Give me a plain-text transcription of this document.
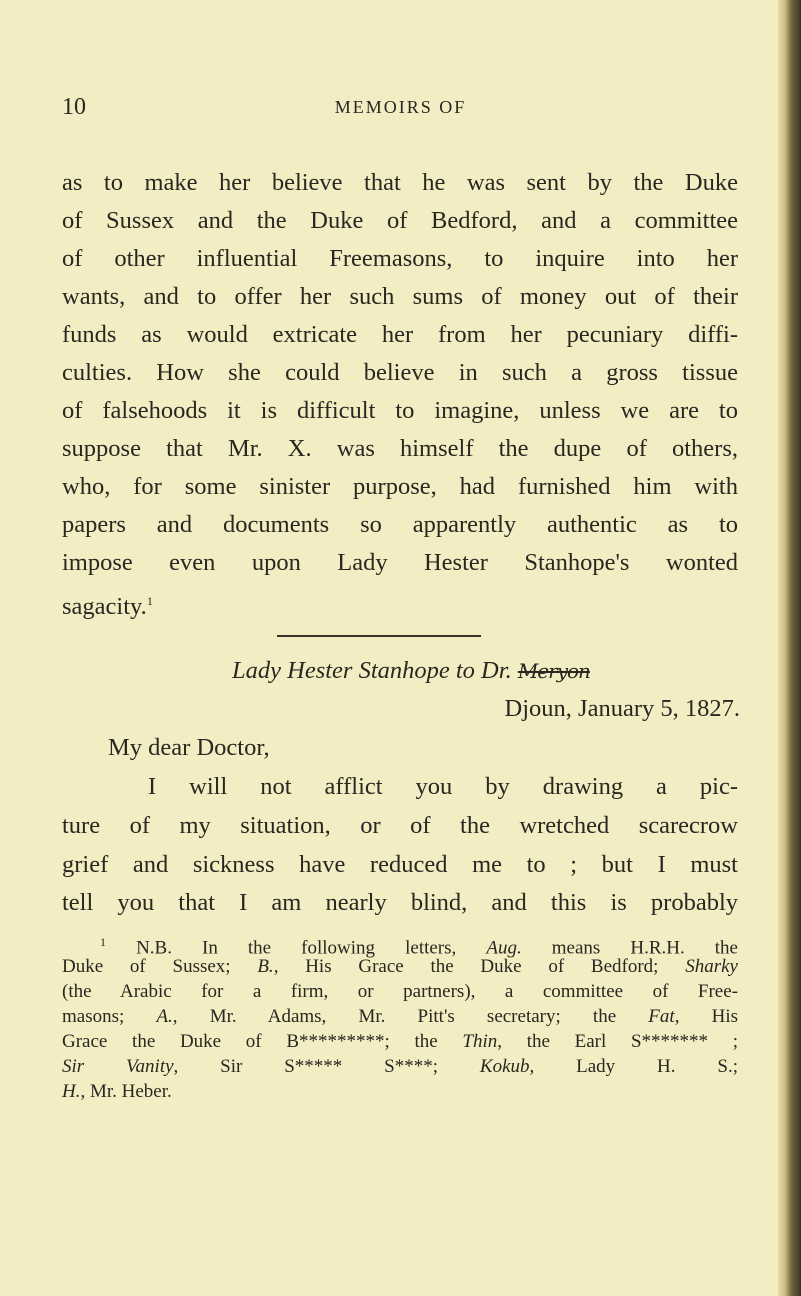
10	MEMOIRS OF
as to make her believe that he was sent by the Duke
of Sussex and the Duke of Bedford, and a committee
of other influential Freemasons, to inquire into her
wants, and to offer her such sums of money out of their
funds as would extricate her from her pecuniary diffi-
culties. How she could believe in such a gross tissue
of falsehoods it is difficult to imagine, unless we are to
suppose that Mr. X. was himself the dupe of others,
who, for some sinister purpose, had furnished him with
papers and documents so apparently authentic as to
impose even upon Lady Hester Stanhope's wonted
sagacity.$^1$
Lady Hester Stanhope to Dr. Meryon
Djoun, January 5, 1827.
My dear Doctor,
I will not afflict you by drawing a pic-
ture of my situation, or of the wretched scarecrow
grief and sickness have reduced me to ; but I must
tell you that I am nearly blind, and this is probably
$^1$ N.B. In the following letters, Aug. means H.R.H. the
Duke of Sussex; B., His Grace the Duke of Bedford; Sharky
(the Arabic for a firm, or partners), a committee of Free-
masons; A., Mr. Adams, Mr. Pitt's secretary; the Fat, His
Grace the Duke of B*********; the Thin, the Earl S******* ;
Sir Vanity, Sir S***** S****; Kokub, Lady H. S.;
H., Mr. Heber.
